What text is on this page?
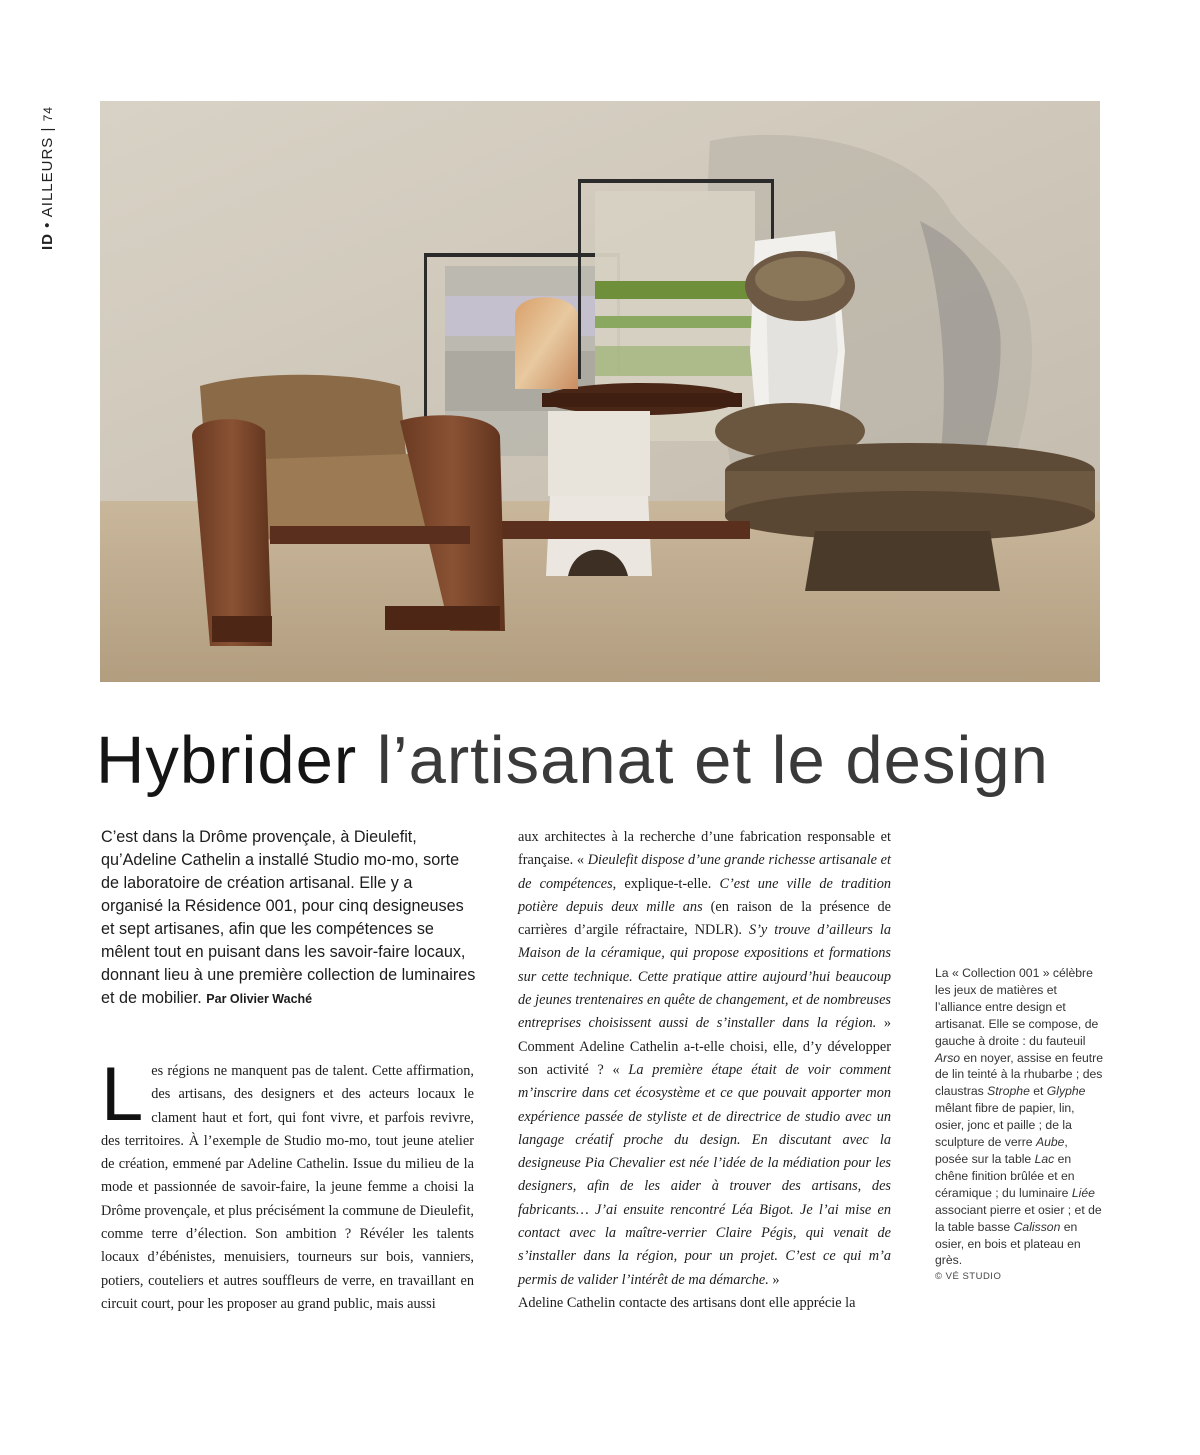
ID • AILLEURS | 74
Hybrider l’artisanat et le design
C’est dans la Drôme provençale, à Dieulefit, qu’Adeline Cathelin a installé Studio mo-mo, sorte de laboratoire de création artisanal. Elle y a organisé la Résidence 001, pour cinq designeuses et sept artisanes, afin que les compétences se mêlent tout en puisant dans les savoir-faire locaux, donnant lieu à une première collection de luminaires et de mobilier. Par Olivier Waché
Les régions ne manquent pas de talent. Cette affirmation, des artisans, des designers et des acteurs locaux le clament haut et fort, qui font vivre, et parfois revivre, des territoires. À l’exemple de Studio mo-mo, tout jeune atelier de création, emmené par Adeline Cathelin. Issue du milieu de la mode et passionnée de savoir-faire, la jeune femme a choisi la Drôme provençale, et plus précisément la commune de Dieulefit, comme terre d’élection. Son ambition ? Révéler les talents locaux d’ébénistes, menuisiers, tourneurs sur bois, vanniers, potiers, couteliers et autres souffleurs de verre, en travaillant en circuit court, pour les proposer au grand public, mais aussi
aux architectes à la recherche d’une fabrication responsable et française. « Dieulefit dispose d’une grande richesse artisanale et de compétences, explique-t-elle. C’est une ville de tradition potière depuis deux mille ans (en raison de la présence de carrières d’argile réfractaire, NDLR). S’y trouve d’ailleurs la Maison de la céramique, qui propose expositions et formations sur cette technique. Cette pratique attire aujourd’hui beaucoup de jeunes trentenaires en quête de changement, et de nombreuses entreprises choisissent aussi de s’installer dans la région. » Comment Adeline Cathelin a-t-elle choisi, elle, d’y développer son activité ? « La première étape était de voir comment m’inscrire dans cet écosystème et ce que pouvait apporter mon expérience passée de styliste et de directrice de studio avec un langage créatif proche du design. En discutant avec la designeuse Pia Chevalier est née l’idée de la médiation pour les designers, afin de les aider à trouver des artisans, des fabricants… J’ai ensuite rencontré Léa Bigot. Je l’ai mise en contact avec la maître-verrier Claire Pégis, qui venait de s’installer dans la région, pour un projet. C’est ce qui m’a permis de valider l’intérêt de ma démarche. »
Adeline Cathelin contacte des artisans dont elle apprécie la
La « Collection 001 » célèbre les jeux de matières et l’alliance entre design et artisanat. Elle se compose, de gauche à droite : du fauteuil Arso en noyer, assise en feutre de lin teinté à la rhubarbe ; des claustras Strophe et Glyphe mêlant fibre de papier, lin, osier, jonc et paille ; de la sculpture de verre Aube, posée sur la table Lac en chêne finition brûlée et en céramique ; du luminaire Liée associant pierre et osier ; et de la table basse Calisson en osier, en bois et plateau en grès.
© VÉ STUDIO
